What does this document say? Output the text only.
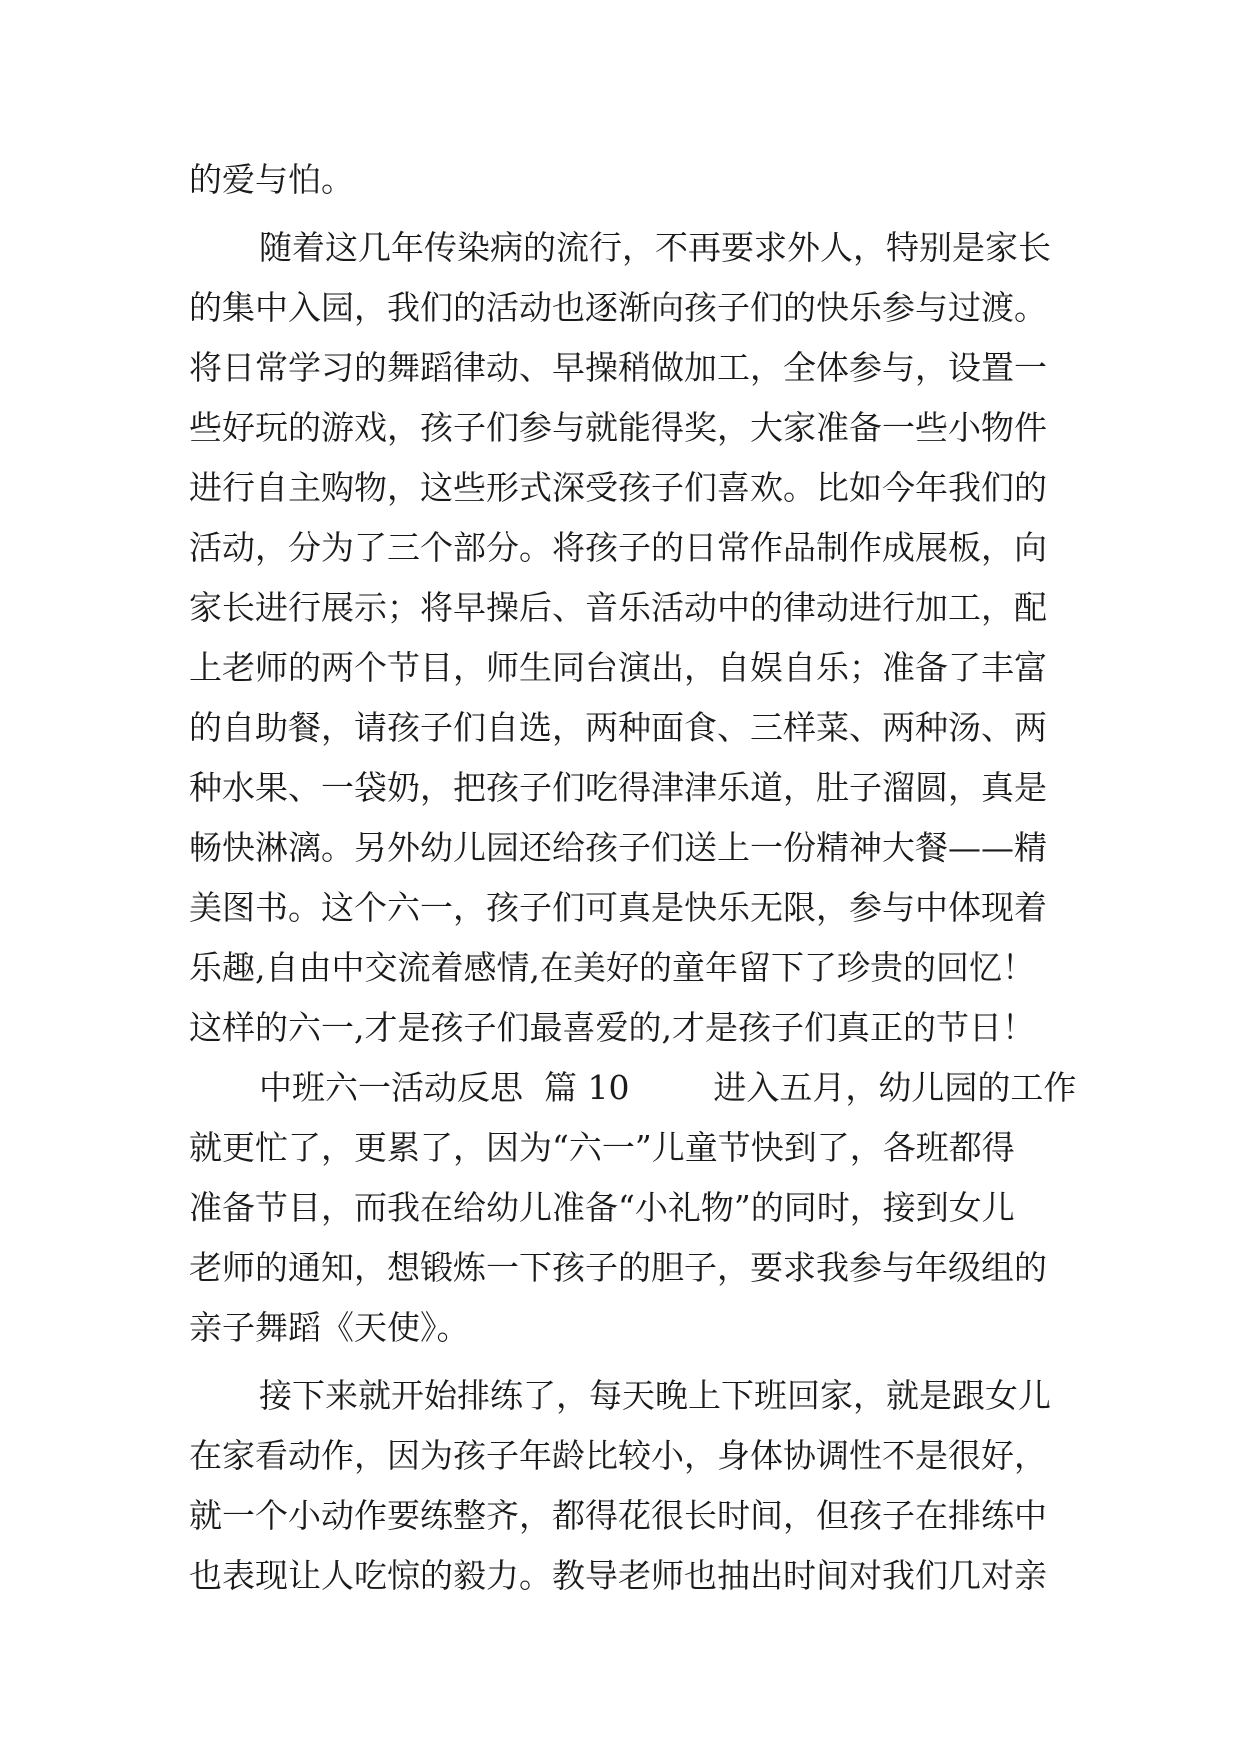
的爱与怕。
随着这几年传染病的流行，不再要求外人，特别是家长
的集中入园，我们的活动也逐渐向孩子们的快乐参与过渡。
将日常学习的舞蹈律动、早操稍做加工，全体参与，设置一
些好玩的游戏，孩子们参与就能得奖，大家准备一些小物件
进行自主购物，这些形式深受孩子们喜欢。比如今年我们的
活动，分为了三个部分。将孩子的日常作品制作成展板，向
家长进行展示；将早操后、音乐活动中的律动进行加工，配
上老师的两个节目，师生同台演出，自娱自乐；准备了丰富
的自助餐，请孩子们自选，两种面食、三样菜、两种汤、两
种水果、一袋奶，把孩子们吃得津津乐道，肚子溜圆，真是
畅快淋漓。另外幼儿园还给孩子们送上一份精神大餐——精
美图书。这个六一，孩子们可真是快乐无限，参与中体现着
乐趣,自由中交流着感情,在美好的童年留下了珍贵的回忆！
这样的六一,才是孩子们最喜爱的,才是孩子们真正的节日！
中班六一活动反思  篇 10        进入五月，幼儿园的工作
就更忙了，更累了，因为“六一”儿童节快到了，各班都得
准备节目，而我在给幼儿准备“小礼物”的同时，接到女儿
老师的通知，想锻炼一下孩子的胆子，要求我参与年级组的
亲子舞蹈《天使》。
接下来就开始排练了，每天晚上下班回家，就是跟女儿
在家看动作，因为孩子年龄比较小，身体协调性不是很好，
就一个小动作要练整齐，都得花很长时间，但孩子在排练中
也表现让人吃惊的毅力。教导老师也抽出时间对我们几对亲
